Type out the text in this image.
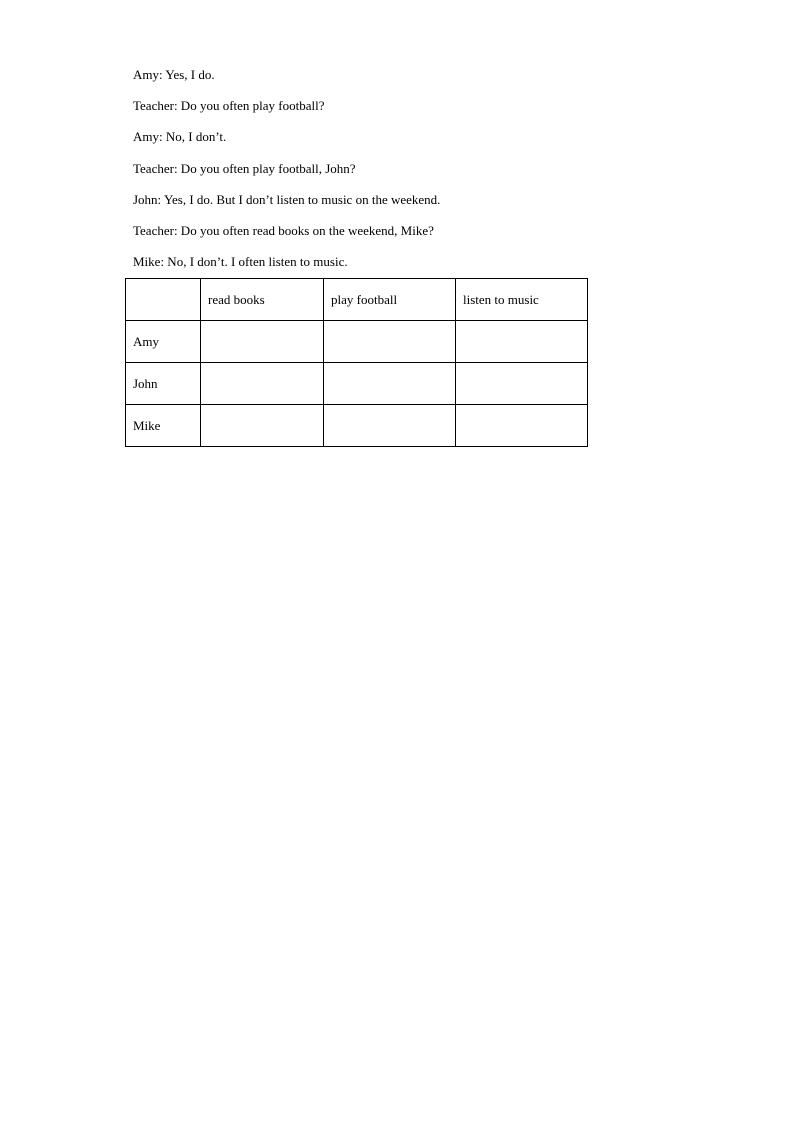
Amy: Yes, I do.
Teacher: Do you often play football?
Amy: No, I don’t.
Teacher: Do you often play football, John?
John: Yes, I do. But I don’t listen to music on the weekend.
Teacher: Do you often read books on the weekend, Mike?
Mike: No, I don’t. I often listen to music.
	read books	play football	listen to music
Amy			
John			
Mike			
